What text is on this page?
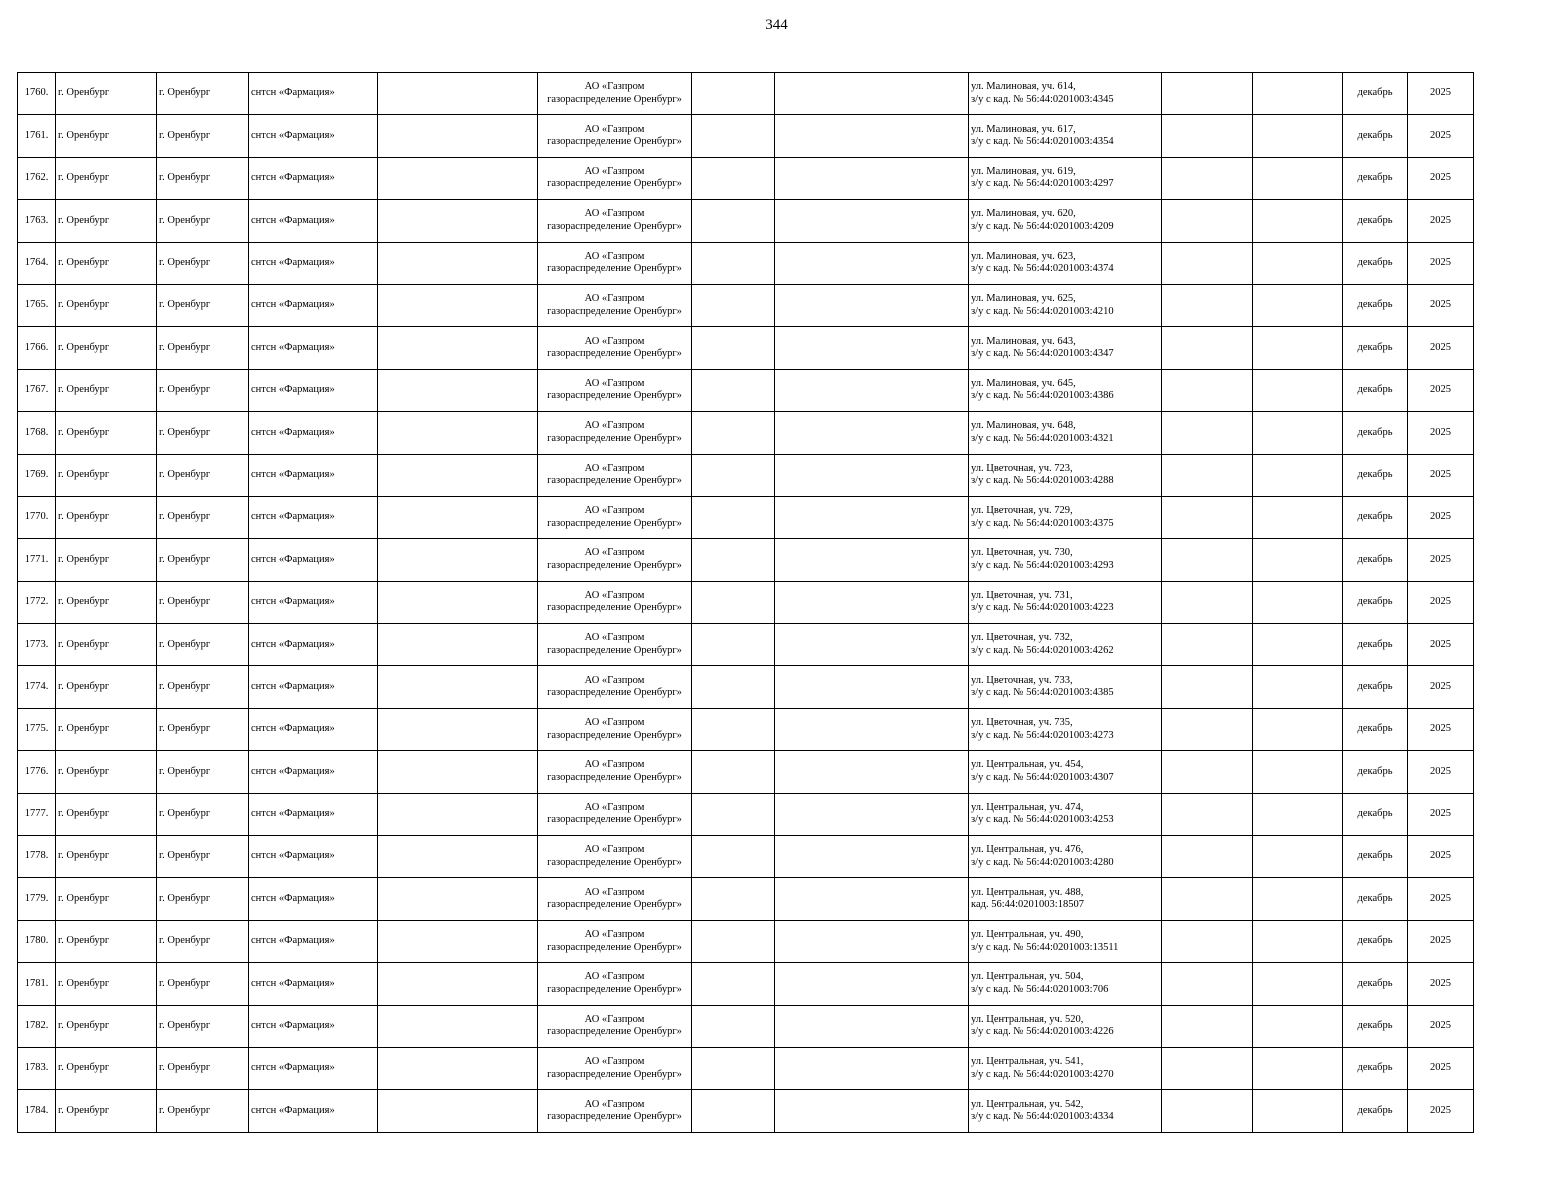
344
1760.	г. Оренбург	г. Оренбург	снтсн «Фармация»		АО «Газпром
газораспределение Оренбург»			ул. Малиновая, уч. 614,
з/у с кад. № 56:44:0201003:4345			декабрь	2025
1761.	г. Оренбург	г. Оренбург	снтсн «Фармация»		АО «Газпром
газораспределение Оренбург»			ул. Малиновая, уч. 617,
з/у с кад. № 56:44:0201003:4354			декабрь	2025
1762.	г. Оренбург	г. Оренбург	снтсн «Фармация»		АО «Газпром
газораспределение Оренбург»			ул. Малиновая, уч. 619,
з/у с кад. № 56:44:0201003:4297			декабрь	2025
1763.	г. Оренбург	г. Оренбург	снтсн «Фармация»		АО «Газпром
газораспределение Оренбург»			ул. Малиновая, уч. 620,
з/у с кад. № 56:44:0201003:4209			декабрь	2025
1764.	г. Оренбург	г. Оренбург	снтсн «Фармация»		АО «Газпром
газораспределение Оренбург»			ул. Малиновая, уч. 623,
з/у с кад. № 56:44:0201003:4374			декабрь	2025
1765.	г. Оренбург	г. Оренбург	снтсн «Фармация»		АО «Газпром
газораспределение Оренбург»			ул. Малиновая, уч. 625,
з/у с кад. № 56:44:0201003:4210			декабрь	2025
1766.	г. Оренбург	г. Оренбург	снтсн «Фармация»		АО «Газпром
газораспределение Оренбург»			ул. Малиновая, уч. 643,
з/у с кад. № 56:44:0201003:4347			декабрь	2025
1767.	г. Оренбург	г. Оренбург	снтсн «Фармация»		АО «Газпром
газораспределение Оренбург»			ул. Малиновая, уч. 645,
з/у с кад. № 56:44:0201003:4386			декабрь	2025
1768.	г. Оренбург	г. Оренбург	снтсн «Фармация»		АО «Газпром
газораспределение Оренбург»			ул. Малиновая, уч. 648,
з/у с кад. № 56:44:0201003:4321			декабрь	2025
1769.	г. Оренбург	г. Оренбург	снтсн «Фармация»		АО «Газпром
газораспределение Оренбург»			ул. Цветочная, уч. 723,
з/у с кад. № 56:44:0201003:4288			декабрь	2025
1770.	г. Оренбург	г. Оренбург	снтсн «Фармация»		АО «Газпром
газораспределение Оренбург»			ул. Цветочная, уч. 729,
з/у с кад. № 56:44:0201003:4375			декабрь	2025
1771.	г. Оренбург	г. Оренбург	снтсн «Фармация»		АО «Газпром
газораспределение Оренбург»			ул. Цветочная, уч. 730,
з/у с кад. № 56:44:0201003:4293			декабрь	2025
1772.	г. Оренбург	г. Оренбург	снтсн «Фармация»		АО «Газпром
газораспределение Оренбург»			ул. Цветочная, уч. 731,
з/у с кад. № 56:44:0201003:4223			декабрь	2025
1773.	г. Оренбург	г. Оренбург	снтсн «Фармация»		АО «Газпром
газораспределение Оренбург»			ул. Цветочная, уч. 732,
з/у с кад. № 56:44:0201003:4262			декабрь	2025
1774.	г. Оренбург	г. Оренбург	снтсн «Фармация»		АО «Газпром
газораспределение Оренбург»			ул. Цветочная, уч. 733,
з/у с кад. № 56:44:0201003:4385			декабрь	2025
1775.	г. Оренбург	г. Оренбург	снтсн «Фармация»		АО «Газпром
газораспределение Оренбург»			ул. Цветочная, уч. 735,
з/у с кад. № 56:44:0201003:4273			декабрь	2025
1776.	г. Оренбург	г. Оренбург	снтсн «Фармация»		АО «Газпром
газораспределение Оренбург»			ул. Центральная, уч. 454,
з/у с кад. № 56:44:0201003:4307			декабрь	2025
1777.	г. Оренбург	г. Оренбург	снтсн «Фармация»		АО «Газпром
газораспределение Оренбург»			ул. Центральная, уч. 474,
з/у с кад. № 56:44:0201003:4253			декабрь	2025
1778.	г. Оренбург	г. Оренбург	снтсн «Фармация»		АО «Газпром
газораспределение Оренбург»			ул. Центральная, уч. 476,
з/у с кад. № 56:44:0201003:4280			декабрь	2025
1779.	г. Оренбург	г. Оренбург	снтсн «Фармация»		АО «Газпром
газораспределение Оренбург»			ул. Центральная, уч. 488,
кад. 56:44:0201003:18507			декабрь	2025
1780.	г. Оренбург	г. Оренбург	снтсн «Фармация»		АО «Газпром
газораспределение Оренбург»			ул. Центральная, уч. 490,
з/у с кад. № 56:44:0201003:13511			декабрь	2025
1781.	г. Оренбург	г. Оренбург	снтсн «Фармация»		АО «Газпром
газораспределение Оренбург»			ул. Центральная, уч. 504,
з/у с кад. № 56:44:0201003:706			декабрь	2025
1782.	г. Оренбург	г. Оренбург	снтсн «Фармация»		АО «Газпром
газораспределение Оренбург»			ул. Центральная, уч. 520,
з/у с кад. № 56:44:0201003:4226			декабрь	2025
1783.	г. Оренбург	г. Оренбург	снтсн «Фармация»		АО «Газпром
газораспределение Оренбург»			ул. Центральная, уч. 541,
з/у с кад. № 56:44:0201003:4270			декабрь	2025
1784.	г. Оренбург	г. Оренбург	снтсн «Фармация»		АО «Газпром
газораспределение Оренбург»			ул. Центральная, уч. 542,
з/у с кад. № 56:44:0201003:4334			декабрь	2025
